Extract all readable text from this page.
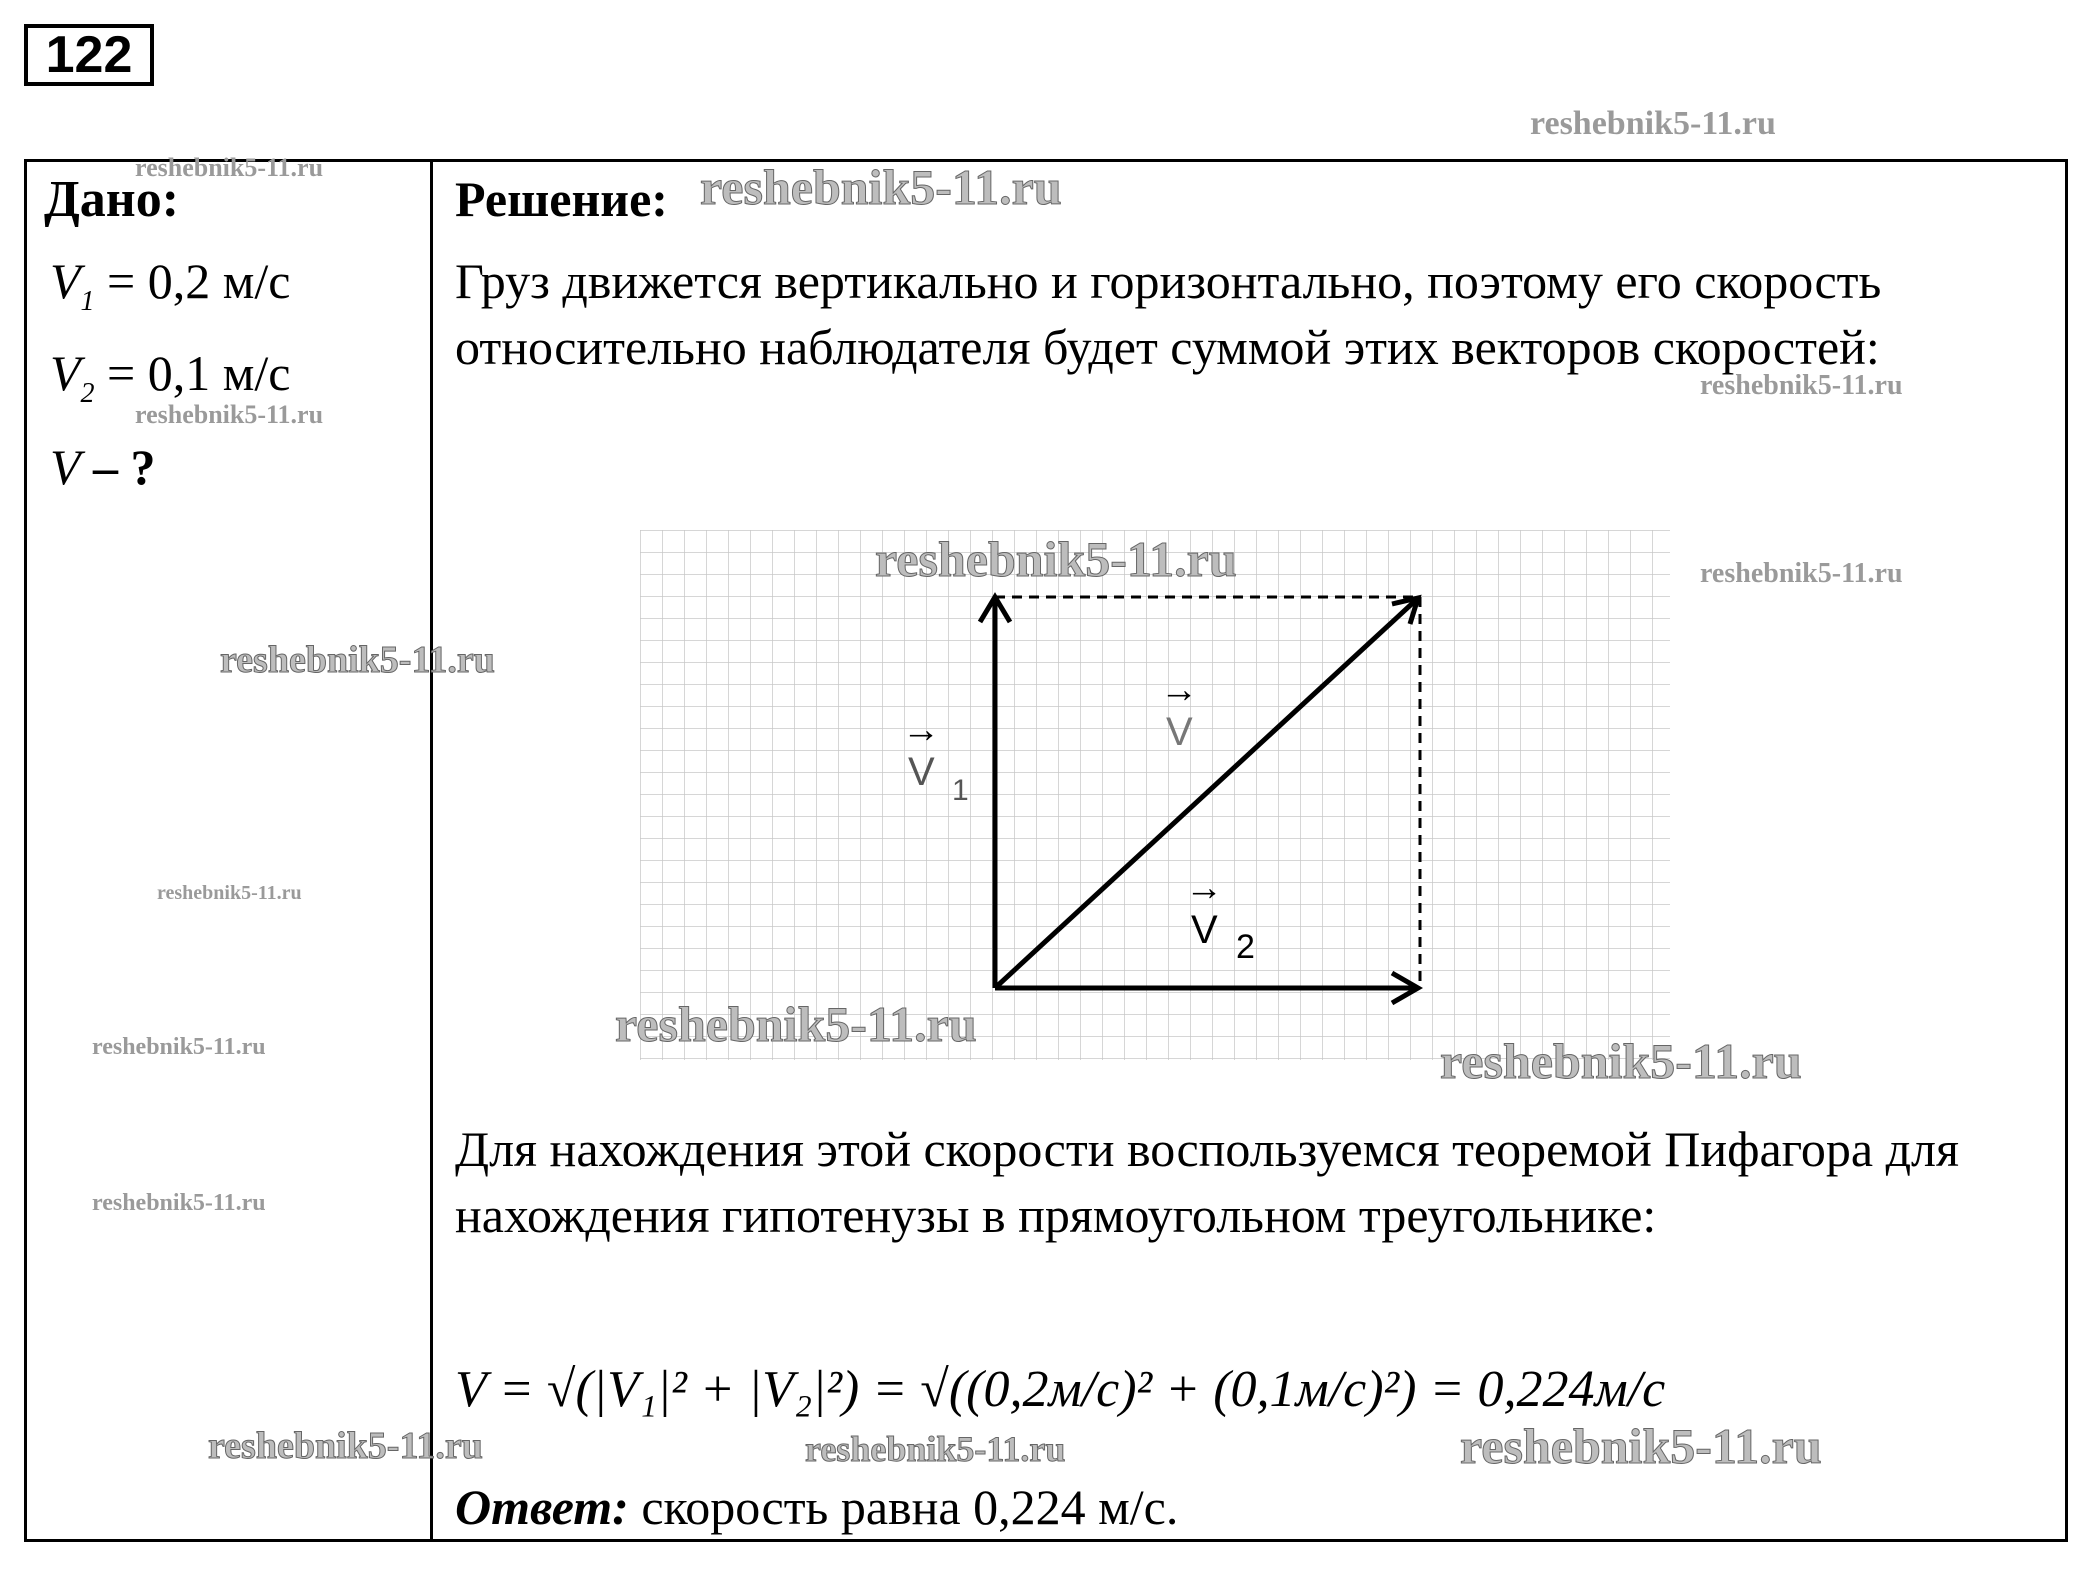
122
Дано:
$V_1 = 0,2$ м/с
$V_2 = 0,1$ м/с
V – ?
Решение:
Груз движется вертикально и горизонтально, поэтому его скорость относительно наблюдателя будет суммой этих векторов скоростей:
→
V 1
→
V
→
V 2
Для нахождения этой скорости воспользуемся теоремой Пифагора для нахождения гипотенузы в прямоугольном треугольнике:
V = √(|V₁|² + |V₂|²) = √((0,2м/с)² + (0,1м/с)²) = 0,224м/с
Ответ: скорость равна 0,224 м/с.
reshebnik5-11.ru
reshebnik5-11.ru	reshebnik5-11.ru
reshebnik5-11.ru
reshebnik5-11.ru
reshebnik5-11.ru	reshebnik5-11.ru
reshebnik5-11.ru
reshebnik5-11.ru
reshebnik5-11.ru
reshebnik5-11.ru	reshebnik5-11.ru
reshebnik5-11.ru
reshebnik5-11.ru	reshebnik5-11.ru	reshebnik5-11.ru
